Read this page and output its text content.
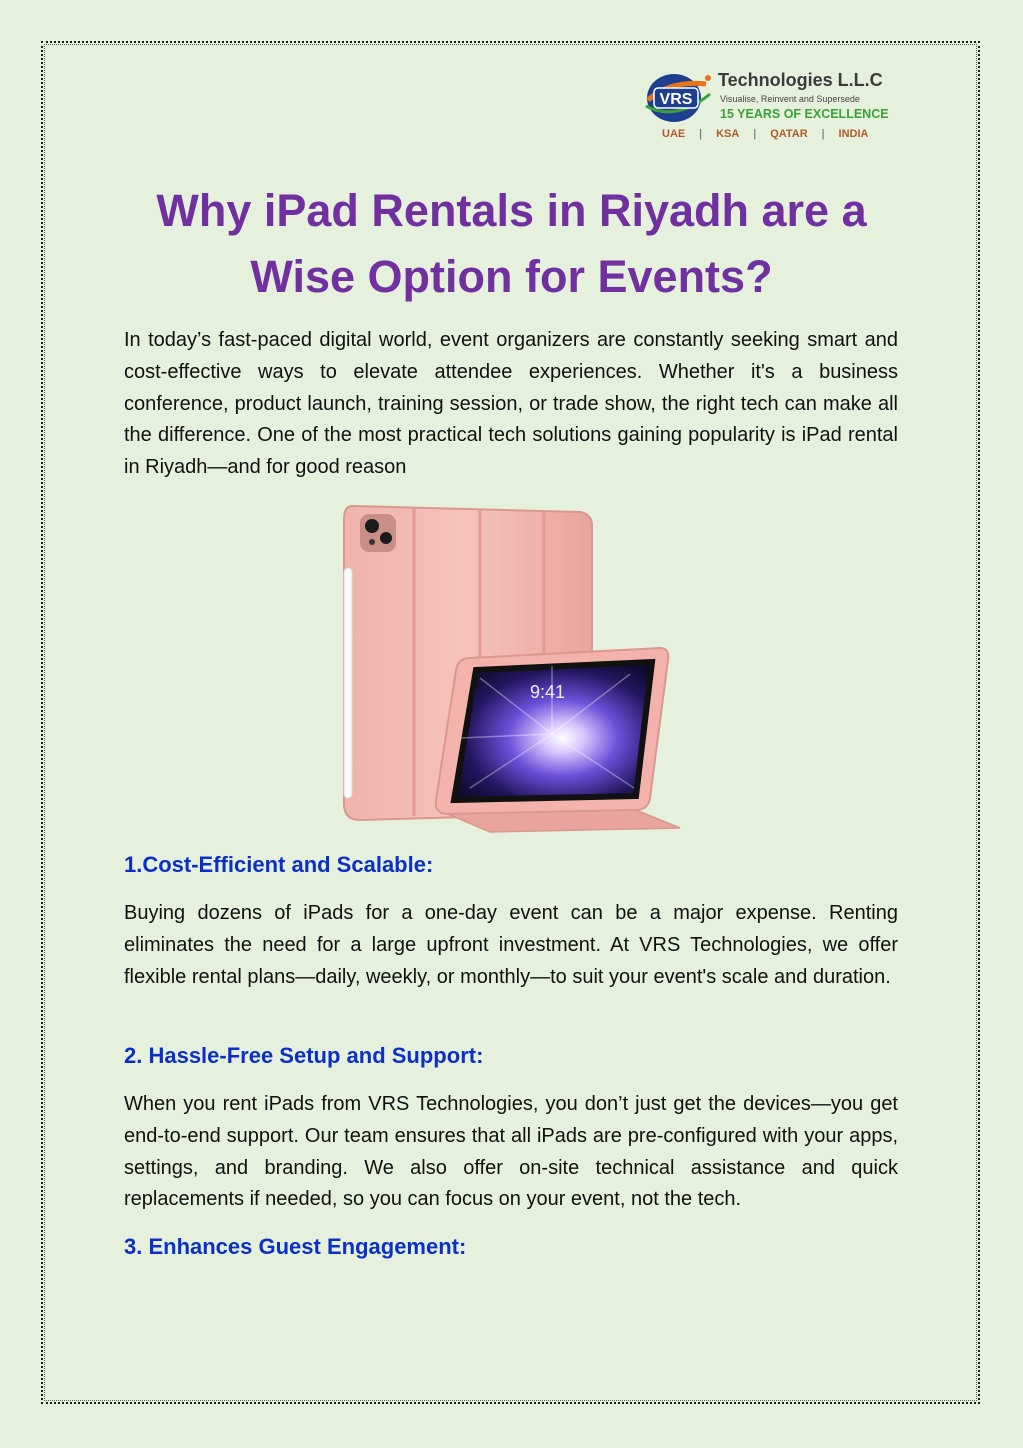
VRS
Technologies L.L.C
Visualise, Reinvent and Supersede
15 YEARS OF EXCELLENCE
UAE | KSA | QATAR | INDIA
Why iPad Rentals in Riyadh are a
Wise Option for Events?

In today’s fast-paced digital world, event organizers are constantly seeking smart and cost-effective ways to elevate attendee experiences. Whether it's a business conference, product launch, training session, or trade show, the right tech can make all the difference. One of the most practical tech solutions gaining popularity is iPad rental in Riyadh—and for good reason

9:41
1.Cost-Efficient and Scalable:

Buying dozens of iPads for a one-day event can be a major expense. Renting eliminates the need for a large upfront investment. At VRS Technologies, we offer flexible rental plans—daily, weekly, or monthly—to suit your event's scale and duration.

2. Hassle-Free Setup and Support:

When you rent iPads from VRS Technologies, you don’t just get the devices—you get end-to-end support. Our team ensures that all iPads are pre-configured with your apps, settings, and branding. We also offer on-site technical assistance and quick replacements if needed, so you can focus on your event, not the tech.

3. Enhances Guest Engagement:
